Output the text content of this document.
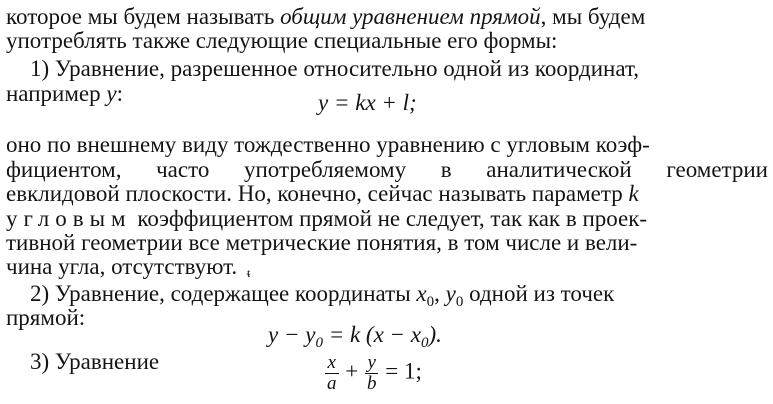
которое мы будем называть общим уравнением прямой, мы будем
употреблять также следующие специальные его формы:
1) Уравнение, разрешенное относительно одной из координат,
например y:	y = kx + l;
оно по внешнему виду тождественно уравнению с угловым коэф-
фициентом, часто употребляемому в аналитической геометрии
евклидовой плоскости. Но, конечно, сейчас называть параметр k
угловым коэффициентом прямой не следует, так как в проек-
тивной геометрии все метрические понятия, в том числе и вели-
чина угла, отсутствуют. ᵵ
2) Уравнение, содержащее координаты $x_0$, $y_0$ одной из точек
прямой:
$y - y_0 = k$ $(x - x_0)$.
3) Уравнение	$\frac{x}{a} + \frac{y}{b} = 1$;
